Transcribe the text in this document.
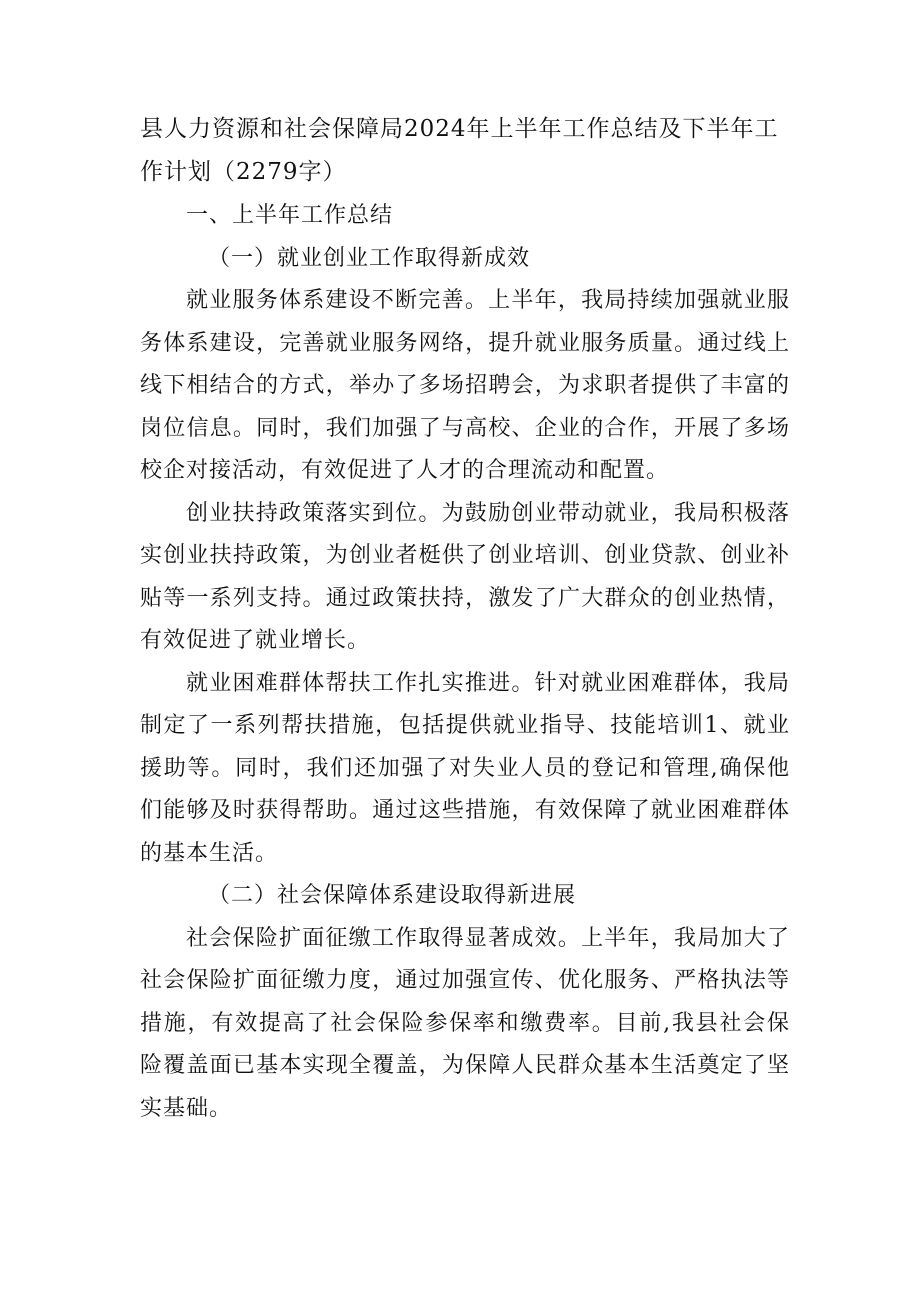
县人力资源和社会保障局2024年上半年工作总结及下半年工作计划（2279字）

一、上半年工作总结

（一）就业创业工作取得新成效

就业服务体系建设不断完善。上半年，我局持续加强就业服务体系建设，完善就业服务网络，提升就业服务质量。通过线上线下相结合的方式，举办了多场招聘会，为求职者提供了丰富的岗位信息。同时，我们加强了与高校、企业的合作，开展了多场校企对接活动，有效促进了人才的合理流动和配置。

创业扶持政策落实到位。为鼓励创业带动就业，我局积极落实创业扶持政策，为创业者梃供了创业培训、创业贷款、创业补贴等一系列支持。通过政策扶持，激发了广大群众的创业热情，有效促进了就业增长。

就业困难群体帮扶工作扎实推进。针对就业困难群体，我局制定了一系列帮扶措施，包括提供就业指导、技能培训1、就业援助等。同时，我们还加强了对失业人员的登记和管理,确保他们能够及时获得帮助。通过这些措施，有效保障了就业困难群体的基本生活。

（二）社会保障体系建设取得新进展

社会保险扩面征缴工作取得显著成效。上半年，我局加大了社会保险扩面征缴力度，通过加强宣传、优化服务、严格执法等措施，有效提高了社会保险参保率和缴费率。目前,我县社会保险覆盖面已基本实现全覆盖，为保障人民群众基本生活奠定了坚实基础。
